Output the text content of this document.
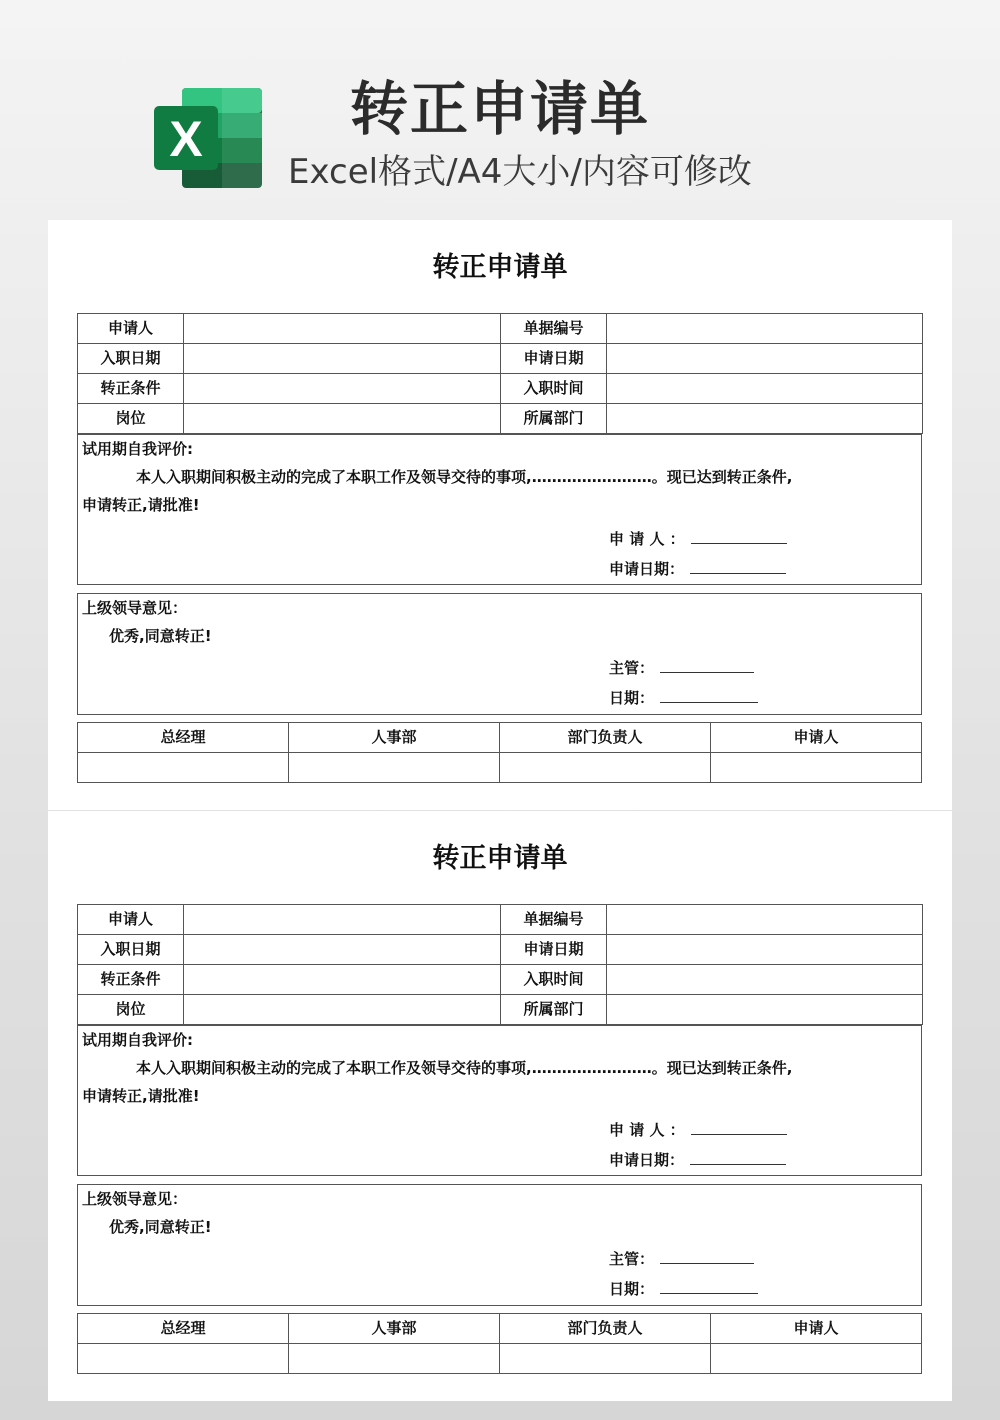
X	转正申请单
Excel格式/A4大小/内容可修改
转正申请单
申请人		单据编号	
入职日期		申请日期	
转正条件		入职时间	
岗位		所属部门	
试用期自我评价:
本人入职期间积极主动的完成了本职工作及领导交待的事项,……………………。现已达到转正条件,
申请转正,请批准!
申 请 人 ：
申请日期：
上级领导意见：
优秀,同意转正!
主管：
日期：
总经理	人事部	部门负责人	申请人

转正申请单
申请人		单据编号	
入职日期		申请日期	
转正条件		入职时间	
岗位		所属部门	
试用期自我评价:
本人入职期间积极主动的完成了本职工作及领导交待的事项,……………………。现已达到转正条件,
申请转正,请批准!
申 请 人 ：
申请日期：
上级领导意见：
优秀,同意转正!
主管：
日期：
总经理	人事部	部门负责人	申请人
